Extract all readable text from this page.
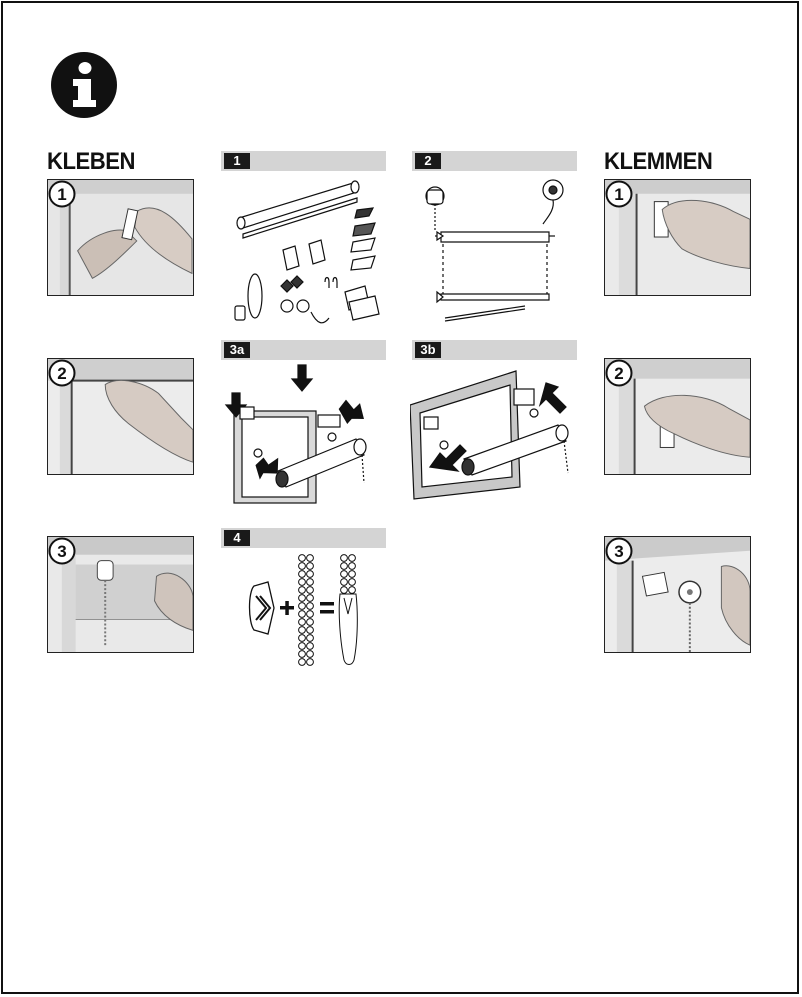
KLEBEN	KLEMMEN
1
2
3
1
2
3
1	2
3a	3b
4
